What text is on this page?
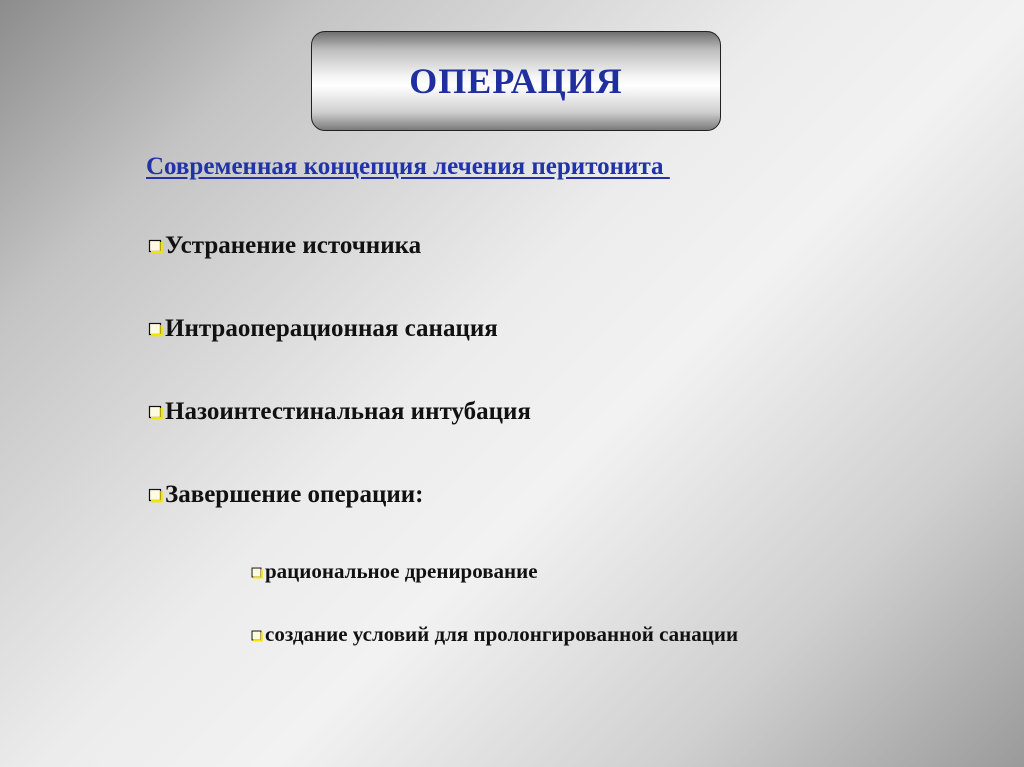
ОПЕРАЦИЯ
Современная концепция лечения перитонита
Устранение источника
Интраоперационная санация
Назоинтестинальная интубация
Завершение операции:
рациональное дренирование
создание условий для пролонгированной санации
